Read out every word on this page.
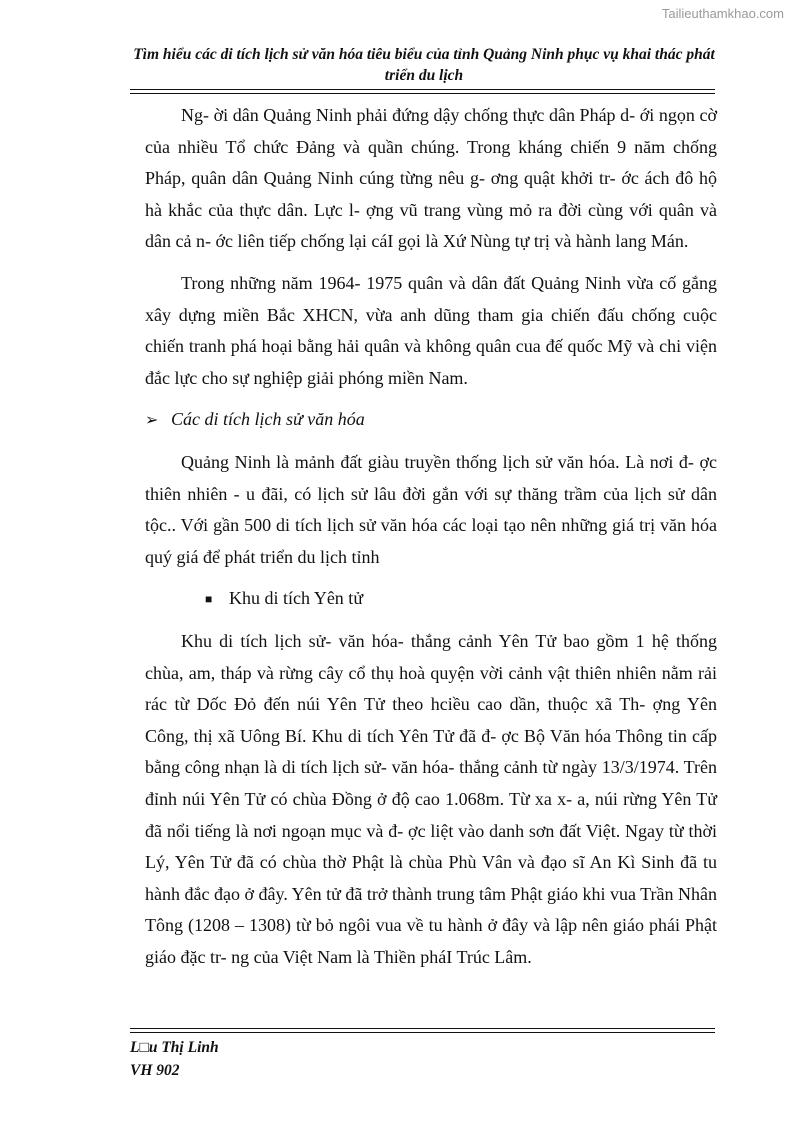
Tailieuthamkhao.com
Tìm hiểu các di tích lịch sử văn hóa tiêu biểu của tỉnh Quảng Ninh phục vụ khai thác phát triển du lịch

Ng- ời dân Quảng Ninh phải đứng dậy chống thực dân Pháp d- ới ngọn cờ của nhiều Tổ chức Đảng và quần chúng. Trong kháng chiến 9 năm chống Pháp, quân dân Quảng Ninh cúng từng nêu g- ơng quật khởi tr- ớc ách đô hộ hà khắc của thực dân. Lực l- ợng vũ trang vùng mỏ ra đời cùng với quân và dân cả n- ớc liên tiếp chống lại cáI gọi là Xứ Nùng tự trị và hành lang Mán.

Trong những năm 1964- 1975 quân và dân đất Quảng Ninh vừa cố gắng xây dựng miền Bắc XHCN, vừa anh dũng tham gia chiến đấu chống cuộc chiến tranh phá hoại bằng hải quân và không quân cua đế quốc Mỹ và chi viện đắc lực cho sự nghiệp giải phóng miền Nam.

➢ Các di tích lịch sử văn hóa

Quảng Ninh là mảnh đất giàu truyền thống lịch sử văn hóa. Là nơi đ- ợc thiên nhiên - u đãi, có lịch sử lâu đời gắn với sự thăng trầm của lịch sử dân tộc.. Với gần 500 di tích lịch sử văn hóa các loại tạo nên những giá trị văn hóa quý giá để phát triển du lịch tỉnh

■ Khu di tích Yên tử

Khu di tích lịch sử- văn hóa- thắng cảnh Yên Tử bao gồm 1 hệ thống chùa, am, tháp và rừng cây cổ thụ hoà quyện vời cảnh vật thiên nhiên nằm rải rác từ Dốc Đỏ đến núi Yên Tử theo hciều cao dần, thuộc xã Th- ợng Yên Công, thị xã Uông Bí. Khu di tích Yên Tử đã đ- ợc Bộ Văn hóa Thông tin cấp bằng công nhạn là di tích lịch sử- văn hóa- thắng cảnh từ ngày 13/3/1974. Trên đỉnh núi Yên Tử có chùa Đồng ở độ cao 1.068m. Từ xa x- a, núi rừng Yên Tử đã nổi tiếng là nơi ngoạn mục và đ- ợc liệt vào danh sơn đất Việt. Ngay từ thời Lý, Yên Tử đã có chùa thờ Phật là chùa Phù Vân và đạo sĩ An Kì Sinh đã tu hành đắc đạo ở đây. Yên tử đã trở thành trung tâm Phật giáo khi vua Trần Nhân Tông (1208 – 1308) từ bỏ ngôi vua về tu hành ở đây và lập nên giáo phái Phật giáo đặc tr- ng của Việt Nam là Thiền pháI Trúc Lâm.

L□u Thị Linh
VH 902
